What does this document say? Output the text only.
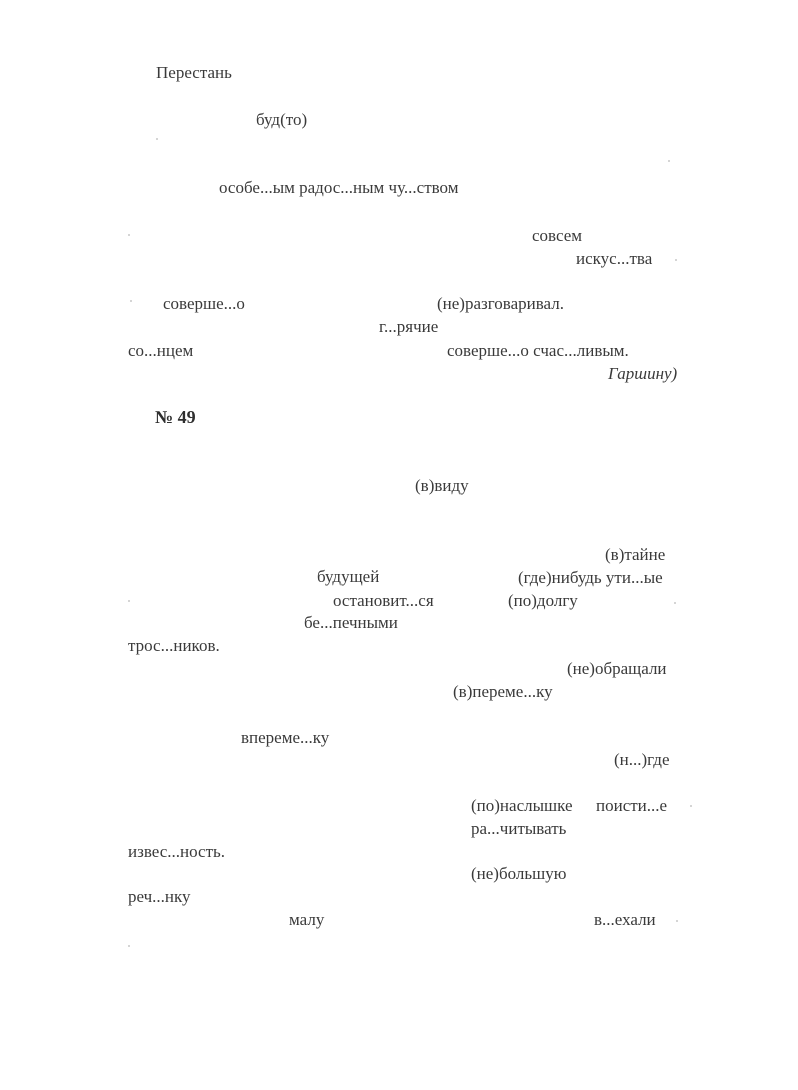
Перестань
буд(то)
особе...ым радос...ным чу...ством
совсем
искус...тва
соверше...о	(не)разговаривал.
г...рячие
со...нцем	соверше...о счас...ливым.
Гаршину)
№ 49
(в)виду
(в)тайне
будущей	(где)нибудь ути...ые
остановит...ся	(по)долгу
бе...печными
трос...ников.
(не)обращали
(в)переме...ку
впереме...ку
(н...)где
(по)наслышке поисти...е
ра...читывать
извес...ность.
(не)большую
реч...нку
малу	в...ехали
